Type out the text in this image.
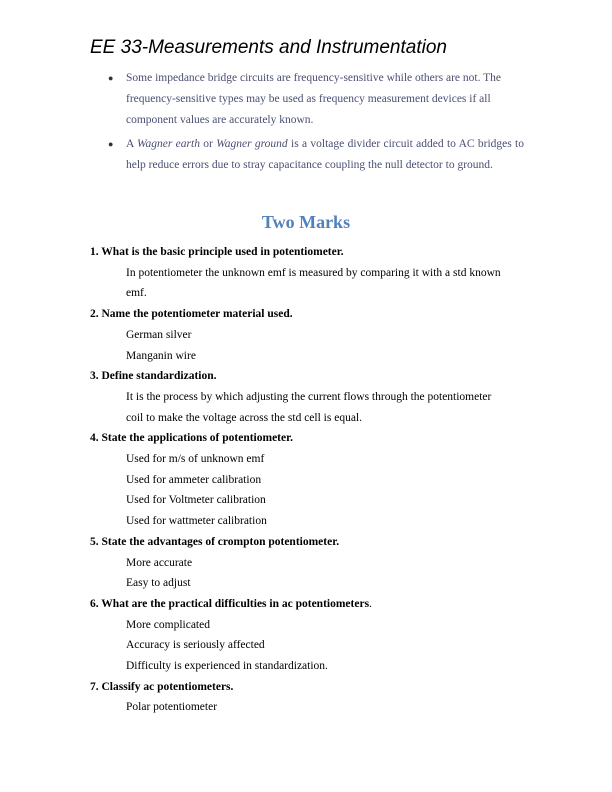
EE 33-Measurements and Instrumentation
● Some impedance bridge circuits are frequency-sensitive while others are not. The frequency-sensitive types may be used as frequency measurement devices if all component values are accurately known.
● A Wagner earth or Wagner ground is a voltage divider circuit added to AC bridges to help reduce errors due to stray capacitance coupling the null detector to ground.
Two Marks
1. What is the basic principle used in potentiometer.
In potentiometer the unknown emf is measured by comparing it with a std known
emf.
2. Name the potentiometer material used.
German silver
Manganin wire
3. Define standardization.
It is the process by which adjusting the current flows through the potentiometer
coil to make the voltage across the std cell is equal.
4. State the applications of potentiometer.
Used for m/s of unknown emf
Used for ammeter calibration
Used for Voltmeter calibration
Used for wattmeter calibration
5. State the advantages of crompton potentiometer.
More accurate
Easy to adjust
6. What are the practical difficulties in ac potentiometers.
More complicated
Accuracy is seriously affected
Difficulty is experienced in standardization.
7. Classify ac potentiometers.
Polar potentiometer
